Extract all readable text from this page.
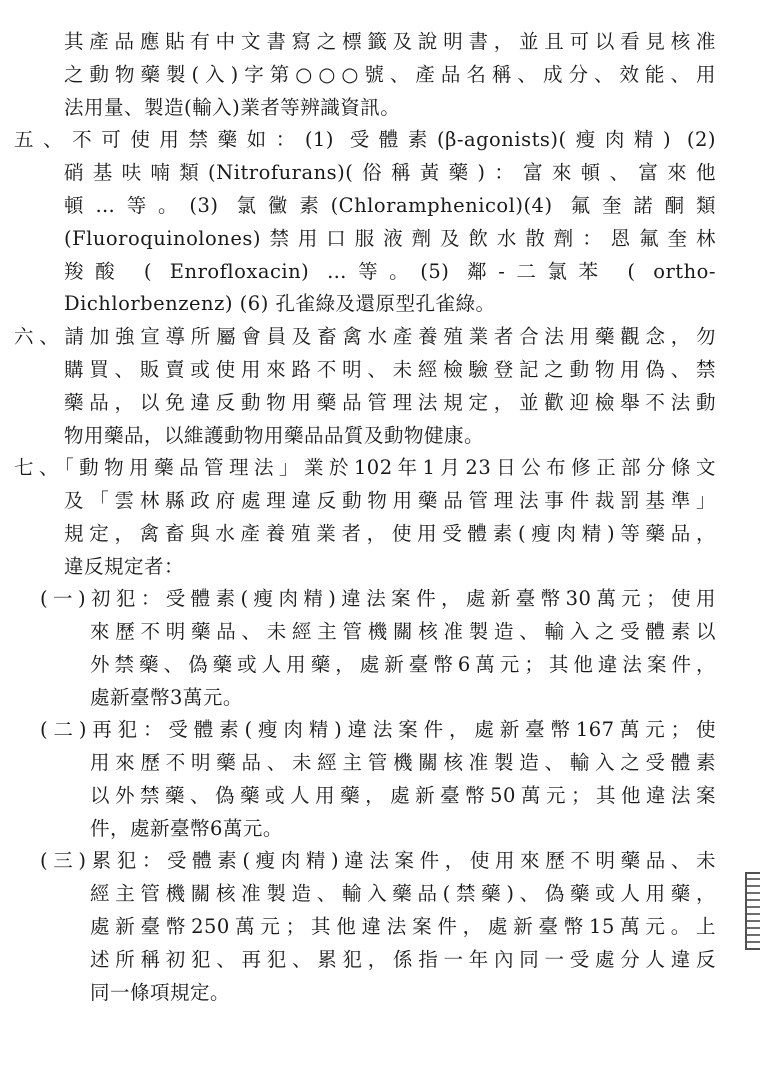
其產品應貼有中文書寫之標籤及說明書，並且可以看見核准
之動物藥製(入)字第○○○號、產品名稱、成分、效能、用
法用量、製造(輸入)業者等辨識資訊。
五、不可使用禁藥如：(1) 受體素(β-agonists)(瘦肉精) (2)
硝基呋喃類(Nitrofurans)(俗稱黃藥)：富來頓、富來他
頓…等。(3) 氯黴素(Chloramphenicol)(4) 氟奎諾酮類
(Fluoroquinolones)禁用口服液劑及飲水散劑：恩氟奎林
羧酸 ( Enrofloxacin) …等。(5) 鄰-二氯苯 ( ortho-
Dichlorbenzenz) (6) 孔雀綠及還原型孔雀綠。
六、請加強宣導所屬會員及畜禽水產養殖業者合法用藥觀念，勿
購買、販賣或使用來路不明、未經檢驗登記之動物用偽、禁
藥品，以免違反動物用藥品管理法規定，並歡迎檢舉不法動
物用藥品，以維護動物用藥品品質及動物健康。
七、「動物用藥品管理法」業於102年1月23日公布修正部分條文
及「雲林縣政府處理違反動物用藥品管理法事件裁罰基準」
規定，禽畜與水產養殖業者，使用受體素(瘦肉精)等藥品，
違反規定者：
(一)初犯：受體素(瘦肉精)違法案件，處新臺幣30萬元；使用
來歷不明藥品、未經主管機關核准製造、輸入之受體素以
外禁藥、偽藥或人用藥，處新臺幣6萬元；其他違法案件，
處新臺幣3萬元。
(二)再犯：受體素(瘦肉精)違法案件，處新臺幣167萬元；使
用來歷不明藥品、未經主管機關核准製造、輸入之受體素
以外禁藥、偽藥或人用藥，處新臺幣50萬元；其他違法案
件，處新臺幣6萬元。
(三)累犯：受體素(瘦肉精)違法案件，使用來歷不明藥品、未
經主管機關核准製造、輸入藥品(禁藥)、偽藥或人用藥，
處新臺幣250萬元；其他違法案件，處新臺幣15萬元。上
述所稱初犯、再犯、累犯，係指一年內同一受處分人違反
同一條項規定。
